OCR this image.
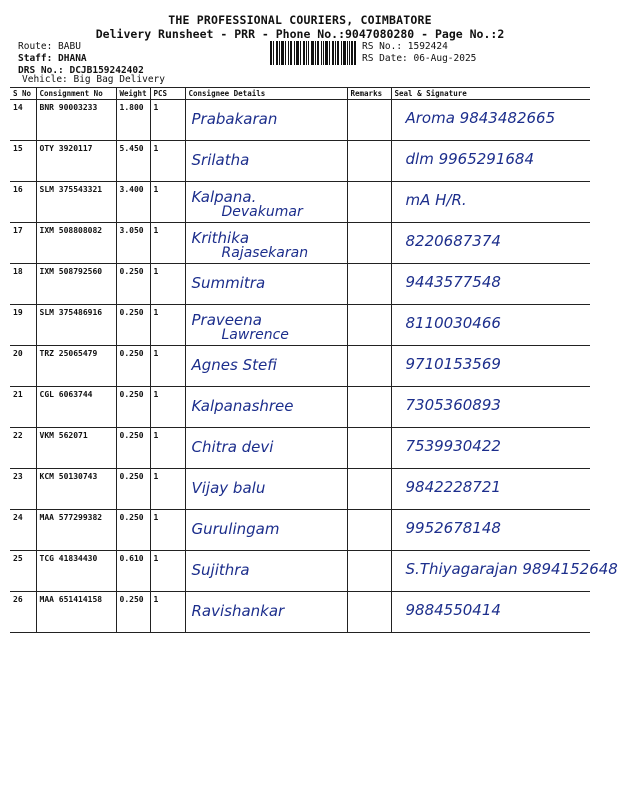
THE PROFESSIONAL COURIERS, COIMBATORE
Delivery Runsheet - PRR - Phone No.:9047080280 - Page No.:2
Route: BABU
Staff: DHANA
DRS No.: DCJB159242402
Vehicle: Big Bag Delivery
RS No.: 1592424
RS Date: 06-Aug-2025
S No	Consignment No	Weight	PCS	Consignee Details	Remarks	Seal & Signature
14	BNR 90003233	1.800	1	Prabakaran		Aroma 9843482665

15	OTY 3920117	5.450	1	Srilatha		dlm 9965291684

16	SLM 375543321	3.400	1	Kalpana.
Devakumar		mA H/R.

17	IXM 508808082	3.050	1	Krithika
Rajasekaran		8220687374

18	IXM 508792560	0.250	1	Summitra		9443577548

19	SLM 375486916	0.250	1	Praveena
Lawrence		8110030466

20	TRZ 25065479	0.250	1	Agnes Stefi		9710153569

21	CGL 6063744	0.250	1	Kalpanashree		7305360893

22	VKM 562071	0.250	1	Chitra devi		7539930422

23	KCM 50130743	0.250	1	Vijay balu		9842228721

24	MAA 577299382	0.250	1	Gurulingam		9952678148

25	TCG 41834430	0.610	1	Sujithra		S.Thiyagarajan 9894152648

26	MAA 651414158	0.250	1	Ravishankar		9884550414
